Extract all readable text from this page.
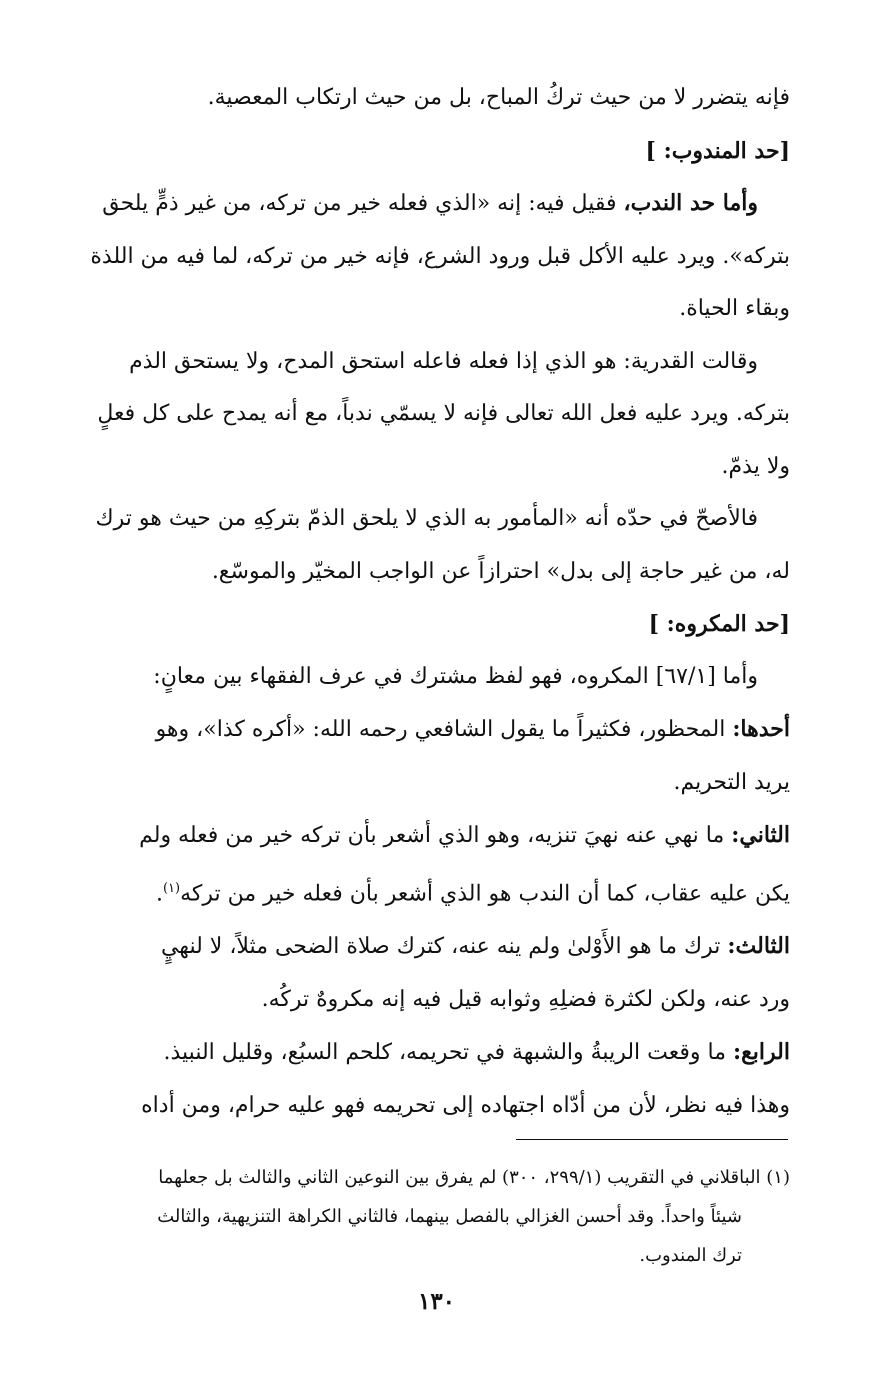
فإنه يتضرر لا من حيث تركُ المباح، بل من حيث ارتكاب المعصية.
[حد المندوب: ]
وأما حد الندب، فقيل فيه: إنه «الذي فعله خير من تركه، من غير ذمٍّ يلحق
بتركه». ويرد عليه الأكل قبل ورود الشرع، فإنه خير من تركه، لما فيه من اللذة
وبقاء الحياة.
وقالت القدرية: هو الذي إذا فعله فاعله استحق المدح، ولا يستحق الذم
بتركه. ويرد عليه فعل الله تعالى فإنه لا يسمّي ندباً، مع أنه يمدح على كل فعلٍ
ولا يذمّ.
فالأصحّ في حدّه أنه «المأمور به الذي لا يلحق الذمّ بتركِهِ من حيث هو ترك
له، من غير حاجة إلى بدل» احترازاً عن الواجب المخيّر والموسّع.
[حد المكروه: ]
وأما [٦٧/١] المكروه، فهو لفظ مشترك في عرف الفقهاء بين معانٍ:
أحدها: المحظور، فكثيراً ما يقول الشافعي رحمه الله: «أكره كذا»، وهو
يريد التحريم.
الثاني: ما نهي عنه نهيَ تنزيه، وهو الذي أشعر بأن تركه خير من فعله ولم
يكن عليه عقاب، كما أن الندب هو الذي أشعر بأن فعله خير من تركه$^{(١)}$.
الثالث: ترك ما هو الأَوْلىٰ ولم ينه عنه، كترك صلاة الضحى مثلاً، لا لنهيٍ
ورد عنه، ولكن لكثرة فضلِهِ وثوابه قيل فيه إنه مكروهٌ تركُه.
الرابع: ما وقعت الريبةُ والشبهة في تحريمه، كلحم السبُع، وقليل النبيذ.
وهذا فيه نظر، لأن من أدّاه اجتهاده إلى تحريمه فهو عليه حرام، ومن أداه
(١) الباقلاني في التقريب (٢٩٩/١، ٣٠٠) لم يفرق بين النوعين الثاني والثالث بل جعلهما
شيئاً واحداً. وقد أحسن الغزالي بالفصل بينهما، فالثاني الكراهة التنزيهية، والثالث
ترك المندوب.
١٣٠
